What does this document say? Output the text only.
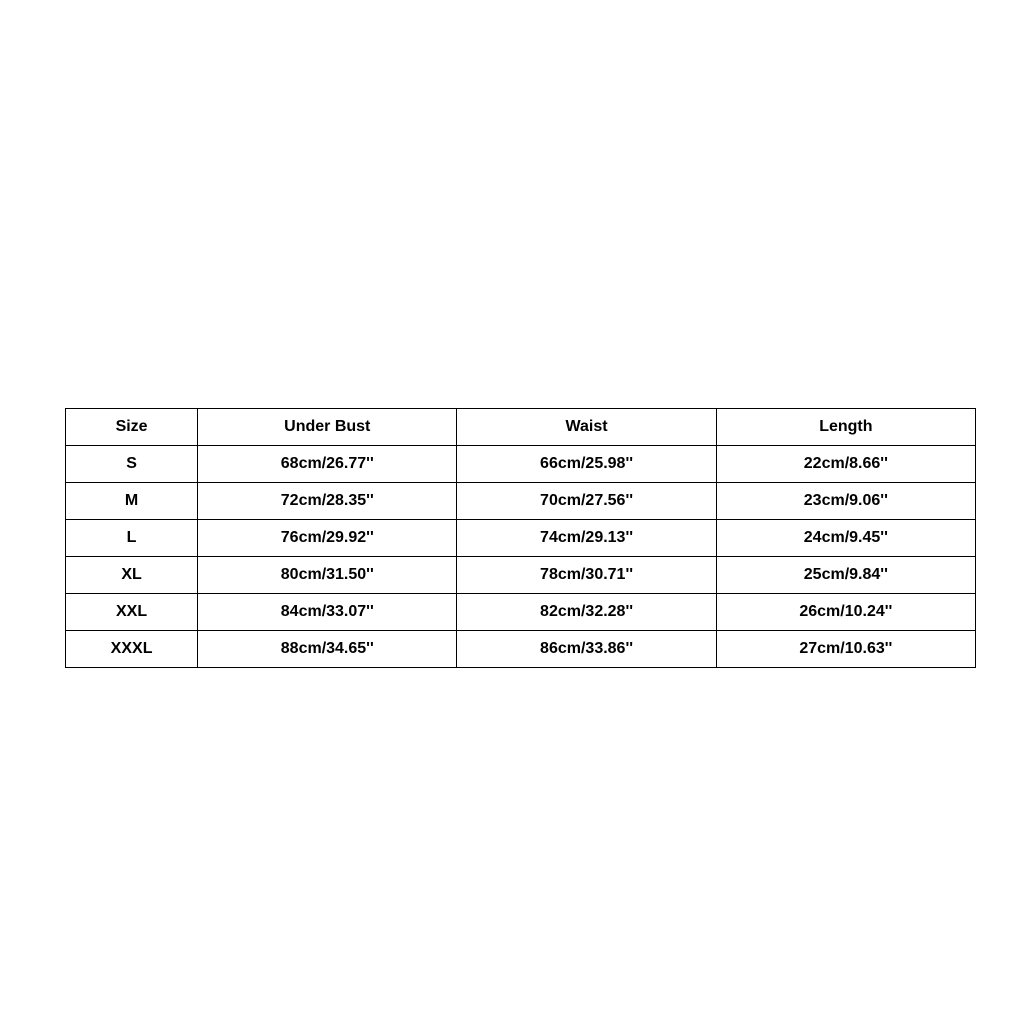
Size	Under Bust	Waist	Length
S	68cm/26.77''	66cm/25.98''	22cm/8.66''
M	72cm/28.35''	70cm/27.56''	23cm/9.06''
L	76cm/29.92''	74cm/29.13''	24cm/9.45''
XL	80cm/31.50''	78cm/30.71''	25cm/9.84''
XXL	84cm/33.07''	82cm/32.28''	26cm/10.24''
XXXL	88cm/34.65''	86cm/33.86''	27cm/10.63''
